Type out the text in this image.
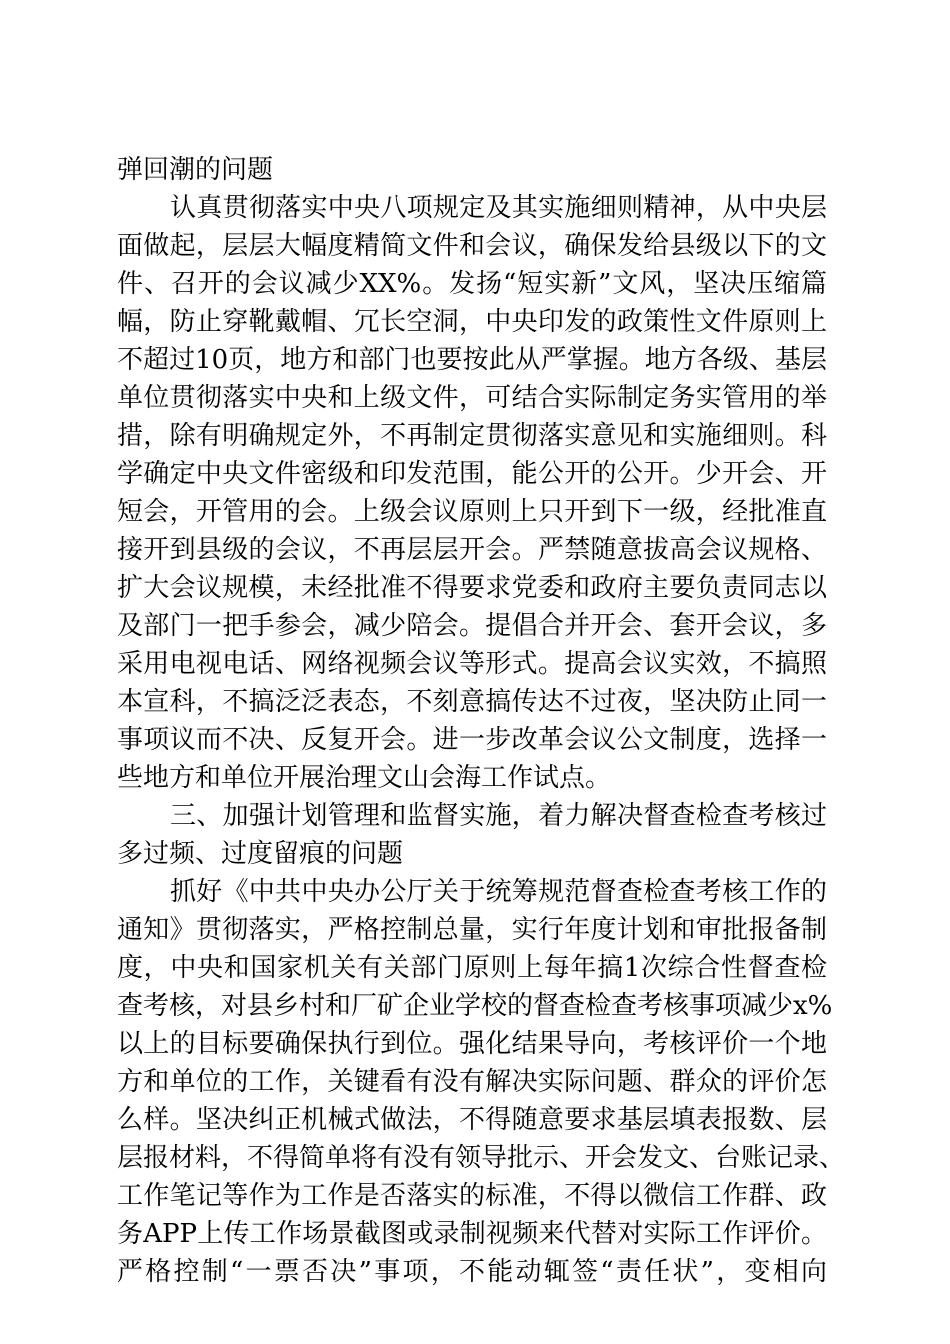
弹回潮的问题
认真贯彻落实中央八项规定及其实施细则精神，从中央层
面做起，层层大幅度精简文件和会议，确保发给县级以下的文
件、召开的会议减少XX%。发扬“短实新”文风，坚决压缩篇
幅，防止穿靴戴帽、冗长空洞，中央印发的政策性文件原则上
不超过10页，地方和部门也要按此从严掌握。地方各级、基层
单位贯彻落实中央和上级文件，可结合实际制定务实管用的举
措，除有明确规定外，不再制定贯彻落实意见和实施细则。科
学确定中央文件密级和印发范围，能公开的公开。少开会、开
短会，开管用的会。上级会议原则上只开到下一级，经批准直
接开到县级的会议，不再层层开会。严禁随意拔高会议规格、
扩大会议规模，未经批准不得要求党委和政府主要负责同志以
及部门一把手参会，减少陪会。提倡合并开会、套开会议，多
采用电视电话、网络视频会议等形式。提高会议实效，不搞照
本宣科，不搞泛泛表态，不刻意搞传达不过夜，坚决防止同一
事项议而不决、反复开会。进一步改革会议公文制度，选择一
些地方和单位开展治理文山会海工作试点。
三、加强计划管理和监督实施，着力解决督查检查考核过
多过频、过度留痕的问题
抓好《中共中央办公厅关于统筹规范督查检查考核工作的
通知》贯彻落实，严格控制总量，实行年度计划和审批报备制
度，中央和国家机关有关部门原则上每年搞1次综合性督查检
查考核，对县乡村和厂矿企业学校的督查检查考核事项减少x%
以上的目标要确保执行到位。强化结果导向，考核评价一个地
方和单位的工作，关键看有没有解决实际问题、群众的评价怎
么样。坚决纠正机械式做法，不得随意要求基层填表报数、层
层报材料，不得简单将有没有领导批示、开会发文、台账记录、
工作笔记等作为工作是否落实的标准，不得以微信工作群、政
务APP上传工作场景截图或录制视频来代替对实际工作评价。
严格控制“一票否决”事项，不能动辄签“责任状”，变相向
